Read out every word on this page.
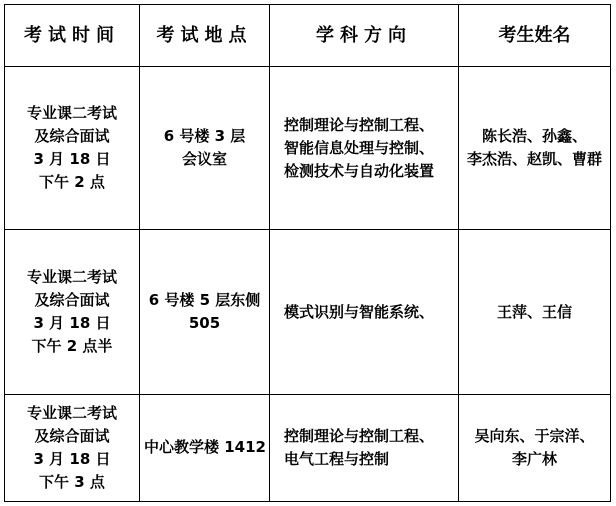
考试时间	考试地点	学科方向	考生姓名

专业课二考试
及综合面试
3 月 18 日
下午 2 点	6 号楼 3 层
会议室	控制理论与控制工程、
智能信息处理与控制、
检测技术与自动化装置	陈长浩、孙鑫、
李杰浩、赵凯、曹群

专业课二考试
及综合面试
3 月 18 日
下午 2 点半	6 号楼 5 层东侧
505	模式识别与智能系统、	王萍、王信

专业课二考试
及综合面试
3 月 18 日
下午 3 点	中心教学楼 1412	控制理论与控制工程、
电气工程与控制	吴向东、于宗洋、
李广林
